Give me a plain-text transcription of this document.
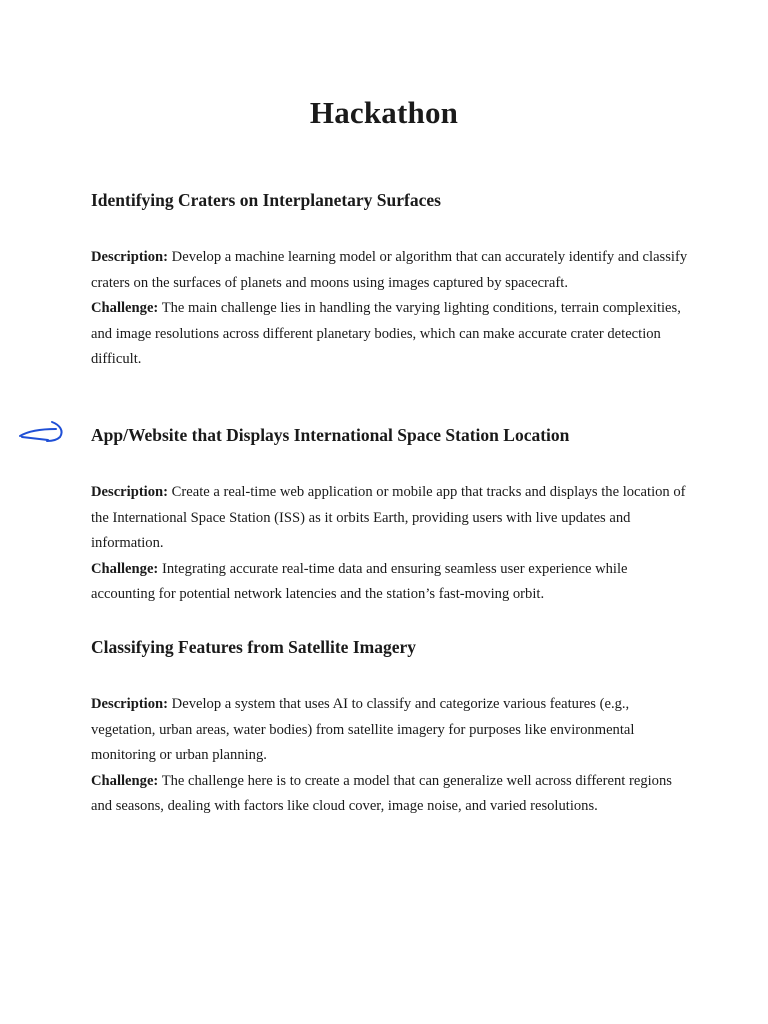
Hackathon
Identifying Craters on Interplanetary Surfaces

Description: Develop a machine learning model or algorithm that can accurately identify and classify craters on the surfaces of planets and moons using images captured by spacecraft.

Challenge: The main challenge lies in handling the varying lighting conditions, terrain complexities, and image resolutions across different planetary bodies, which can make accurate crater detection difficult.

App/Website that Displays International Space Station Location

Description: Create a real-time web application or mobile app that tracks and displays the location of the International Space Station (ISS) as it orbits Earth, providing users with live updates and information.

Challenge: Integrating accurate real-time data and ensuring seamless user experience while accounting for potential network latencies and the station’s fast-moving orbit.

Classifying Features from Satellite Imagery

Description: Develop a system that uses AI to classify and categorize various features (e.g., vegetation, urban areas, water bodies) from satellite imagery for purposes like environmental monitoring or urban planning.

Challenge: The challenge here is to create a model that can generalize well across different regions and seasons, dealing with factors like cloud cover, image noise, and varied resolutions.
